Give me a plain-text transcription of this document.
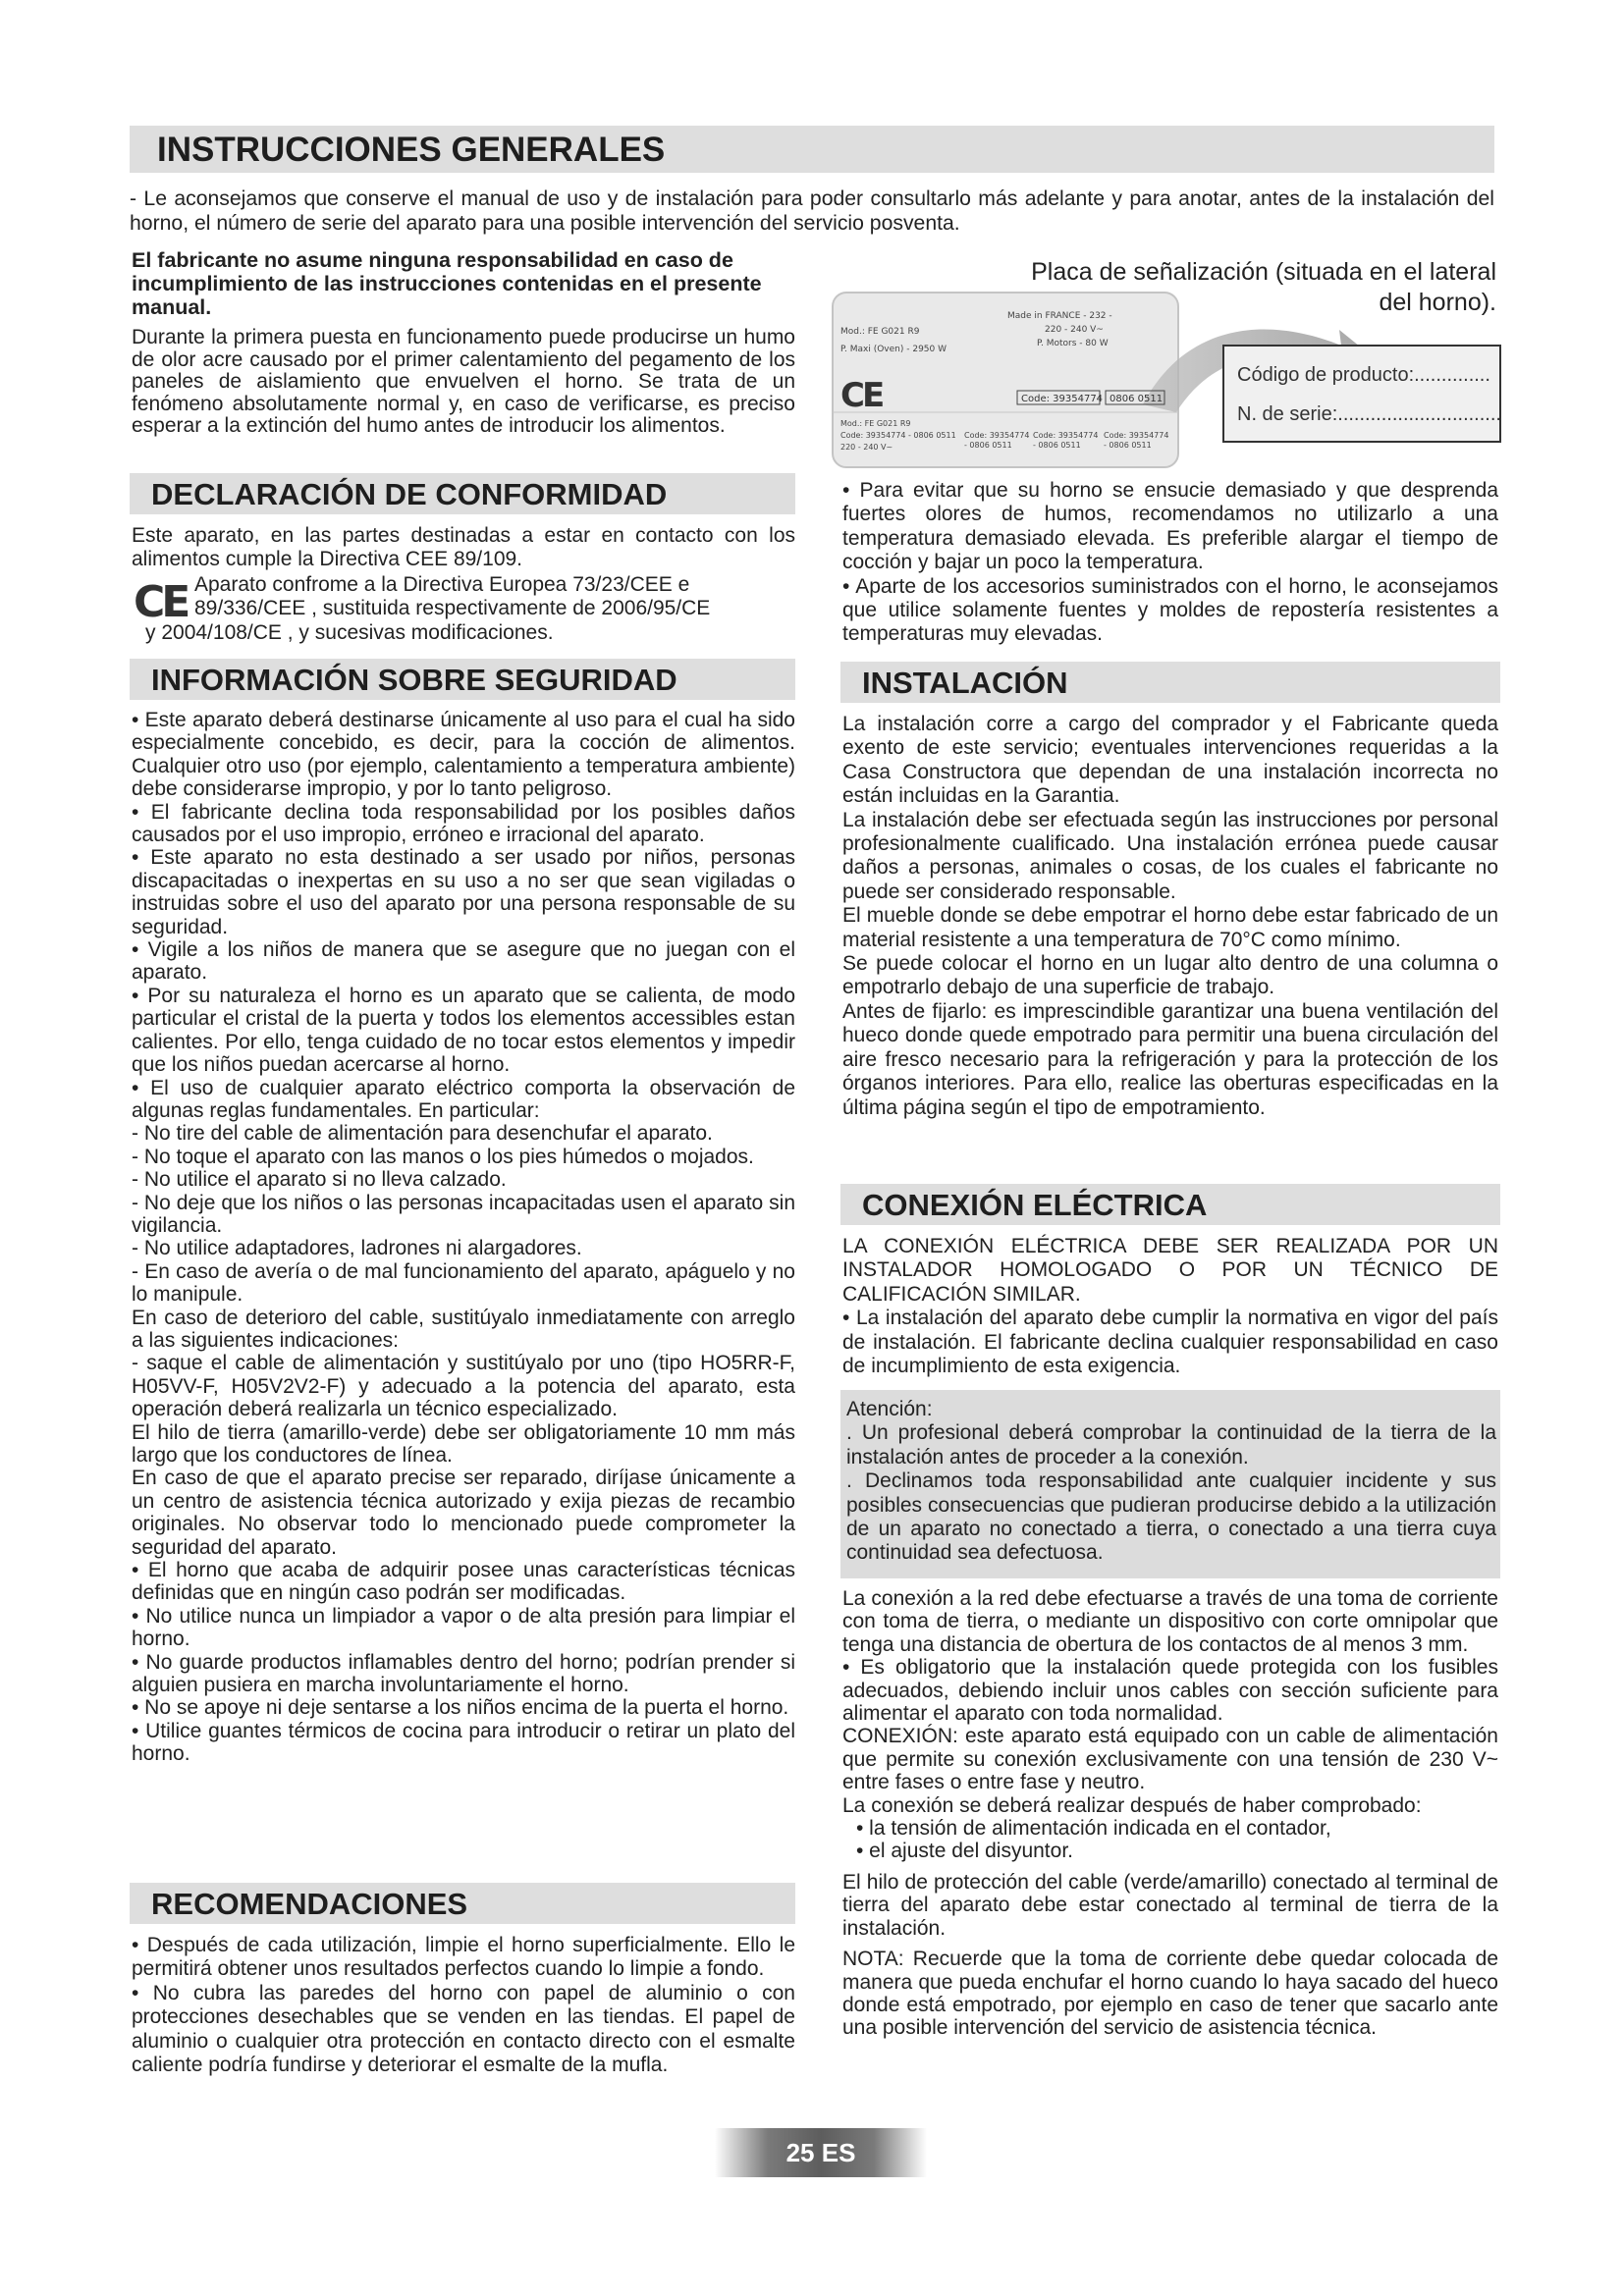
INSTRUCCIONES GENERALES
- Le aconsejamos que conserve el manual de uso y de instalación para poder consultarlo más adelante y para anotar, antes de la instalación del horno, el número de serie del aparato para una posible intervención del servicio posventa.

El fabricante no asume ninguna responsabilidad en caso de incumplimiento de las instrucciones contenidas en el presente manual.

Durante la primera puesta en funcionamento puede producirse un humo de olor acre causado por el primer calentamiento del pegamento de los paneles de aislamiento que envuelven el horno. Se trata de un fenómeno absolutamente normal y, en caso de verificarse, es preciso esperar a la extinción del humo antes de introducir los alimentos.

Placa de señalización (situada en el lateral del horno).
Made in FRANCE - 232 -
Mod.: FE G021 R9	220 - 240 V~
P. Maxi (Oven) - 2950 W
P. Motors - 80 W
CE	Code: 39354774 0806 0511
Mod.: FE G021 R9
Code: 39354774 - 0806 0511
220 - 240 V~
Code: 39354774
- 0806 0511
Code: 39354774
- 0806 0511
Code: 39354774
- 0806 0511
Código de producto:..............
N. de serie:..............................
DECLARACIÓN DE CONFORMIDAD

Este aparato, en las partes destinadas a estar en contacto con los alimentos cumple la Directiva CEE 89/109.

CE Aparato confrome a la Directiva Europea 73/23/CEE e

89/336/CEE , sustituida respectivamente de 2006/95/CE

y 2004/108/CE , y sucesivas modificaciones.
INFORMACIÓN SOBRE SEGURIDAD

• Este aparato deberá destinarse únicamente al uso para el cual ha sido especialmente concebido, es decir, para la cocción de alimentos. Cualquier otro uso (por ejemplo, calentamiento a temperatura ambiente) debe considerarse impropio, y por lo tanto peligroso.

• El fabricante declina toda responsabilidad por los posibles daños causados por el uso impropio, erróneo e irracional del aparato.

• Este aparato no esta destinado a ser usado por niños, personas discapacitadas o inexpertas en su uso a no ser que sean vigiladas o instruidas sobre el uso del aparato por una persona responsable de su seguridad.

• Vigile a los niños de manera que se asegure que no juegan con el aparato.

• Por su naturaleza el horno es un aparato que se calienta, de modo particular el cristal de la puerta y todos los elementos accessibles estan calientes. Por ello, tenga cuidado de no tocar estos elementos y impedir que los niños puedan acercarse al horno.

• El uso de cualquier aparato eléctrico comporta la observación de algunas reglas fundamentales. En particular:

- No tire del cable de alimentación para desenchufar el aparato.

- No toque el aparato con las manos o los pies húmedos o mojados.

- No utilice el aparato si no lleva calzado.

- No deje que los niños o las personas incapacitadas usen el aparato sin vigilancia.

- No utilice adaptadores, ladrones ni alargadores.

- En caso de avería o de mal funcionamiento del aparato, apáguelo y no lo manipule.

En caso de deterioro del cable, sustitúyalo inmediatamente con arreglo a las siguientes indicaciones:

- saque el cable de alimentación y sustitúyalo por uno (tipo HO5RR-F, H05VV-F, H05V2V2-F) y adecuado a la potencia del aparato, esta operación deberá realizarla un técnico especializado.

El hilo de tierra (amarillo-verde) debe ser obligatoriamente 10 mm más largo que los conductores de línea.

En caso de que el aparato precise ser reparado, diríjase únicamente a un centro de asistencia técnica autorizado y exija piezas de recambio originales. No observar todo lo mencionado puede comprometer la seguridad del aparato.

• El horno que acaba de adquirir posee unas características técnicas definidas que en ningún caso podrán ser modificadas.

• No utilice nunca un limpiador a vapor o de alta presión para limpiar el horno.

• No guarde productos inflamables dentro del horno; podrían prender si alguien pusiera en marcha involuntariamente el horno.

• No se apoye ni deje sentarse a los niños encima de la puerta el horno.

• Utilice guantes térmicos de cocina para introducir o retirar un plato del horno.

RECOMENDACIONES

• Después de cada utilización, limpie el horno superficialmente. Ello le permitirá obtener unos resultados perfectos cuando lo limpie a fondo.

• No cubra las paredes del horno con papel de aluminio o con protecciones desechables que se venden en las tiendas. El papel de aluminio o cualquier otra protección en contacto directo con el esmalte caliente podría fundirse y deteriorar el esmalte de la mufla.

• Para evitar que su horno se ensucie demasiado y que desprenda fuertes olores de humos, recomendamos no utilizarlo a una temperatura demasiado elevada. Es preferible alargar el tiempo de cocción y bajar un poco la temperatura.

• Aparte de los accesorios suministrados con el horno, le aconsejamos que utilice solamente fuentes y moldes de repostería resistentes a temperaturas muy elevadas.

INSTALACIÓN

La instalación corre a cargo del comprador y el Fabricante queda exento de este servicio; eventuales intervenciones requeridas a la Casa Constructora que dependan de una instalación incorrecta no están incluidas en la Garantia.

La instalación debe ser efectuada según las instrucciones por personal profesionalmente cualificado. Una instalación errónea puede causar daños a personas, animales o cosas, de los cuales el fabricante no puede ser considerado responsable.

El mueble donde se debe empotrar el horno debe estar fabricado de un material resistente a una temperatura de 70°C como mínimo.

Se puede colocar el horno en un lugar alto dentro de una columna o empotrarlo debajo de una superficie de trabajo.

Antes de fijarlo: es imprescindible garantizar una buena ventilación del hueco donde quede empotrado para permitir una buena circulación del aire fresco necesario para la refrigeración y para la protección de los órganos interiores. Para ello, realice las oberturas especificadas en la última página según el tipo de empotramiento.

CONEXIÓN ELÉCTRICA

LA CONEXIÓN ELÉCTRICA DEBE SER REALIZADA POR UN INSTALADOR HOMOLOGADO O POR UN TÉCNICO DE CALIFICACIÓN SIMILAR.

• La instalación del aparato debe cumplir la normativa en vigor del país de instalación. El fabricante declina cualquier responsabilidad en caso de incumplimiento de esta exigencia.

Atención:

. Un profesional deberá comprobar la continuidad de la tierra de la instalación antes de proceder a la conexión.

. Declinamos toda responsabilidad ante cualquier incidente y sus posibles consecuencias que pudieran producirse debido a la utilización de un aparato no conectado a tierra, o conectado a una tierra cuya continuidad sea defectuosa.

La conexión a la red debe efectuarse a través de una toma de corriente con toma de tierra, o mediante un dispositivo con corte omnipolar que tenga una distancia de obertura de los contactos de al menos 3 mm.

• Es obligatorio que la instalación quede protegida con los fusibles adecuados, debiendo incluir unos cables con sección suficiente para alimentar el aparato con toda normalidad.

CONEXIÓN: este aparato está equipado con un cable de alimentación que permite su conexión exclusivamente con una tensión de 230 V~ entre fases o entre fase y neutro.

La conexión se deberá realizar después de haber comprobado:

• la tensión de alimentación indicada en el contador,

• el ajuste del disyuntor.

El hilo de protección del cable (verde/amarillo) conectado al terminal de tierra del aparato debe estar conectado al terminal de tierra de la instalación.

NOTA: Recuerde que la toma de corriente debe quedar colocada de manera que pueda enchufar el horno cuando lo haya sacado del hueco donde está empotrado, por ejemplo en caso de tener que sacarlo ante una posible intervención del servicio de asistencia técnica.

25 ES
